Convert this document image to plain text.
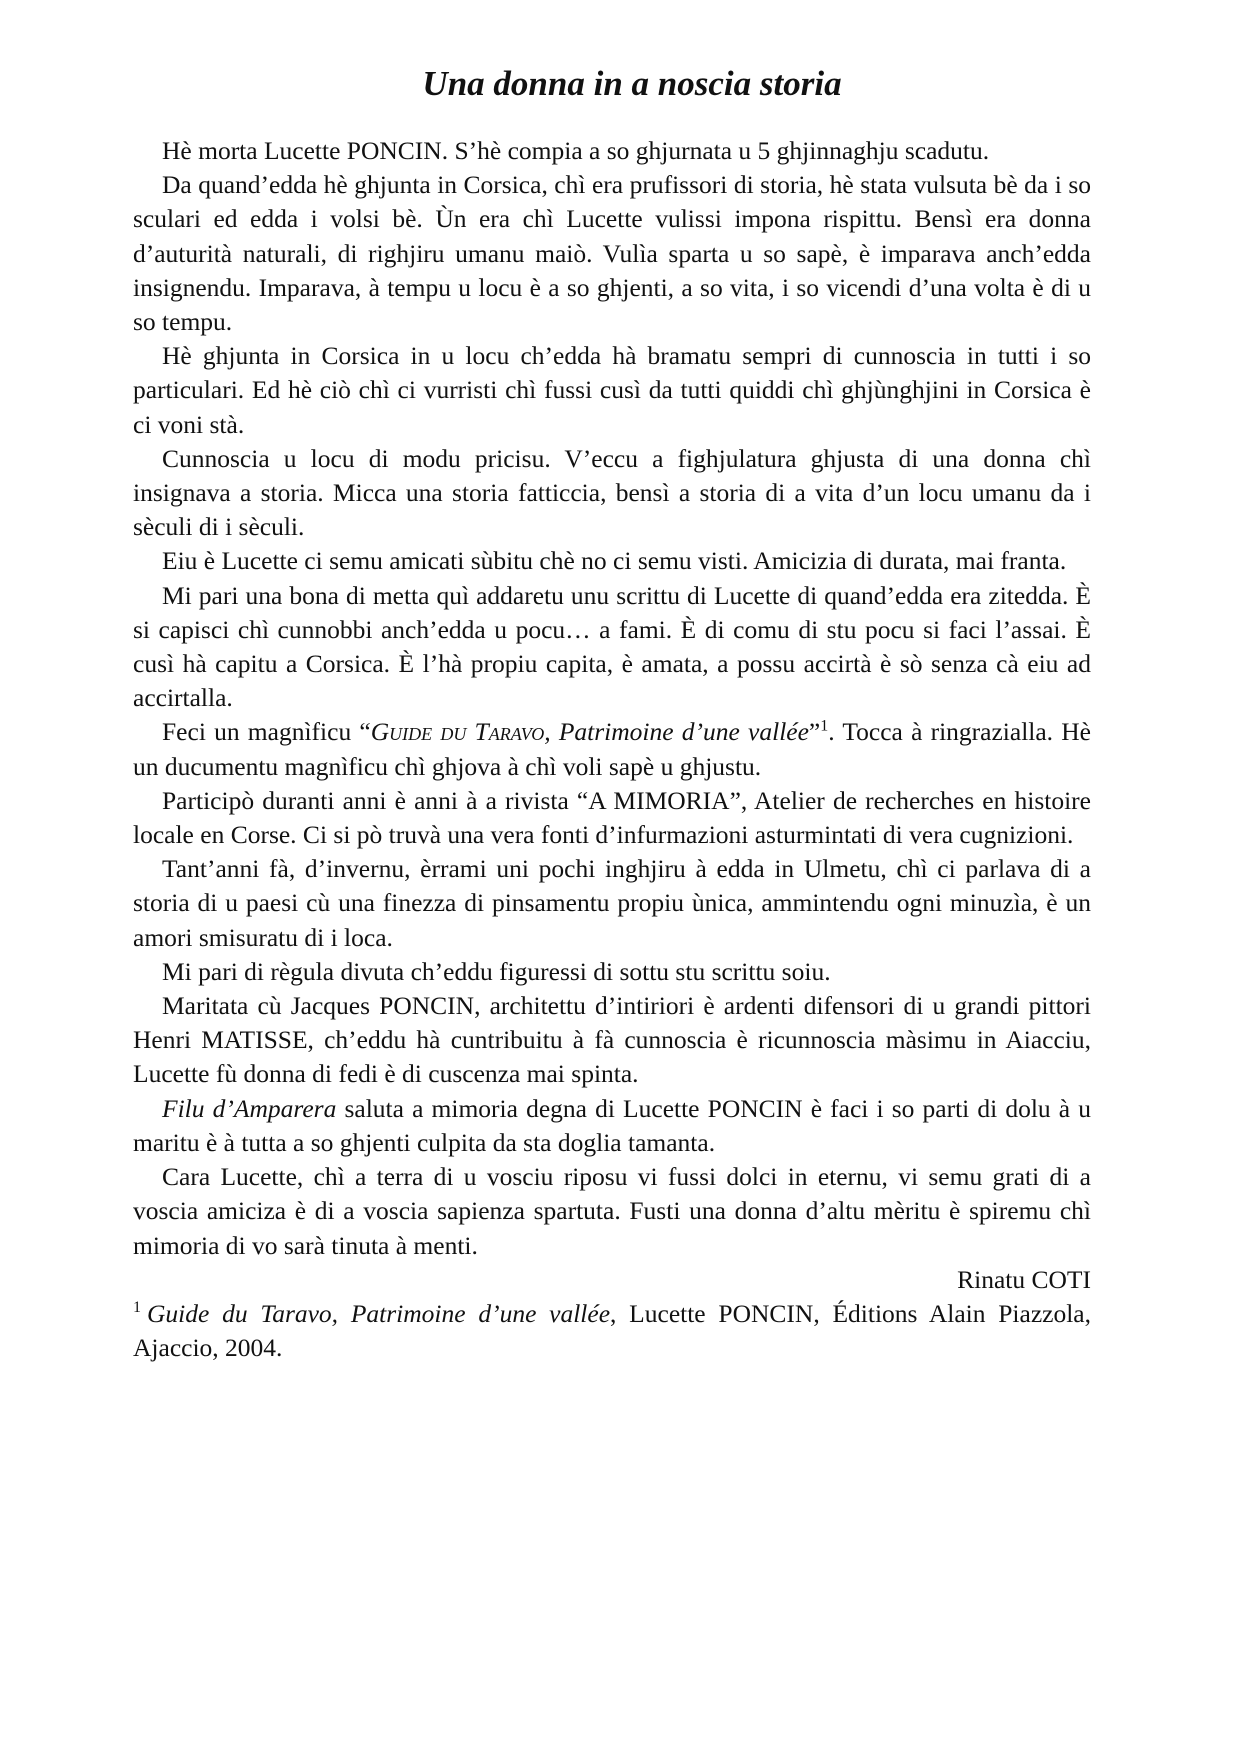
Una donna in a noscia storia

Hè morta Lucette PONCIN. S’hè compia a so ghjurnata u 5 ghjinnaghju scadutu.

Da quand’edda hè ghjunta in Corsica, chì era prufissori di storia, hè stata vulsuta bè da i so sculari ed edda i volsi bè. Ùn era chì Lucette vulissi impona rispittu. Bensì era donna d’auturità naturali, di righjiru umanu maiò. Vulìa sparta u so sapè, è imparava anch’edda insignendu. Imparava, à tempu u locu è a so ghjenti, a so vita, i so vicendi d’una volta è di u so tempu.

Hè ghjunta in Corsica in u locu ch’edda hà bramatu sempri di cunnoscia in tutti i so particulari. Ed hè ciò chì ci vurristi chì fussi cusì da tutti quiddi chì ghjùnghjini in Corsica è ci voni stà.

Cunnoscia u locu di modu pricisu. V’eccu a fighjulatura ghjusta di una donna chì insignava a storia. Micca una storia fatticcia, bensì a storia di a vita d’un locu umanu da i sèculi di i sèculi.

Eiu è Lucette ci semu amicati sùbitu chè no ci semu visti. Amicizia di durata, mai franta.

Mi pari una bona di metta quì addaretu unu scrittu di Lucette di quand’edda era zitedda. È si capisci chì cunnobbi anch’edda u pocu… a fami. È di comu di stu pocu si faci l’assai. È cusì hà capitu a Corsica. È l’hà propiu capita, è amata, a possu accirtà è sò senza cà eiu ad accirtalla.

Feci un magnìficu “Guide du Taravo, Patrimoine d’une vallée”$^1$. Tocca à ringrazialla. Hè un ducumentu magnìficu chì ghjova à chì voli sapè u ghjustu.

Participò duranti anni è anni à a rivista “A MIMORIA”, Atelier de recherches en histoire locale en Corse. Ci si pò truvà una vera fonti d’infurmazioni asturmintati di vera cugnizioni.

Tant’anni fà, d’invernu, èrrami uni pochi inghjiru à edda in Ulmetu, chì ci parlava di a storia di u paesi cù una finezza di pinsamentu propiu ùnica, ammintendu ogni minuzìa, è un amori smisuratu di i loca.

Mi pari di règula divuta ch’eddu figuressi di sottu stu scrittu soiu.

Maritata cù Jacques PONCIN, architettu d’intiriori è ardenti difensori di u grandi pittori Henri MATISSE, ch’eddu hà cuntribuitu à fà cunnoscia è ricunnoscia màsimu in Aiacciu, Lucette fù donna di fedi è di cuscenza mai spinta.

Filu d’Amparera saluta a mimoria degna di Lucette PONCIN è faci i so parti di dolu à u maritu è à tutta a so ghjenti culpita da sta doglia tamanta.

Cara Lucette, chì a terra di u vosciu riposu vi fussi dolci in eternu, vi semu grati di a voscia amiciza è di a voscia sapienza spartuta. Fusti una donna d’altu mèritu è spiremu chì mimoria di vo sarà tinuta à menti.

Rinatu COTI

$^1$ Guide du Taravo, Patrimoine d’une vallée, Lucette PONCIN, Éditions Alain Piazzola, Ajaccio, 2004.
